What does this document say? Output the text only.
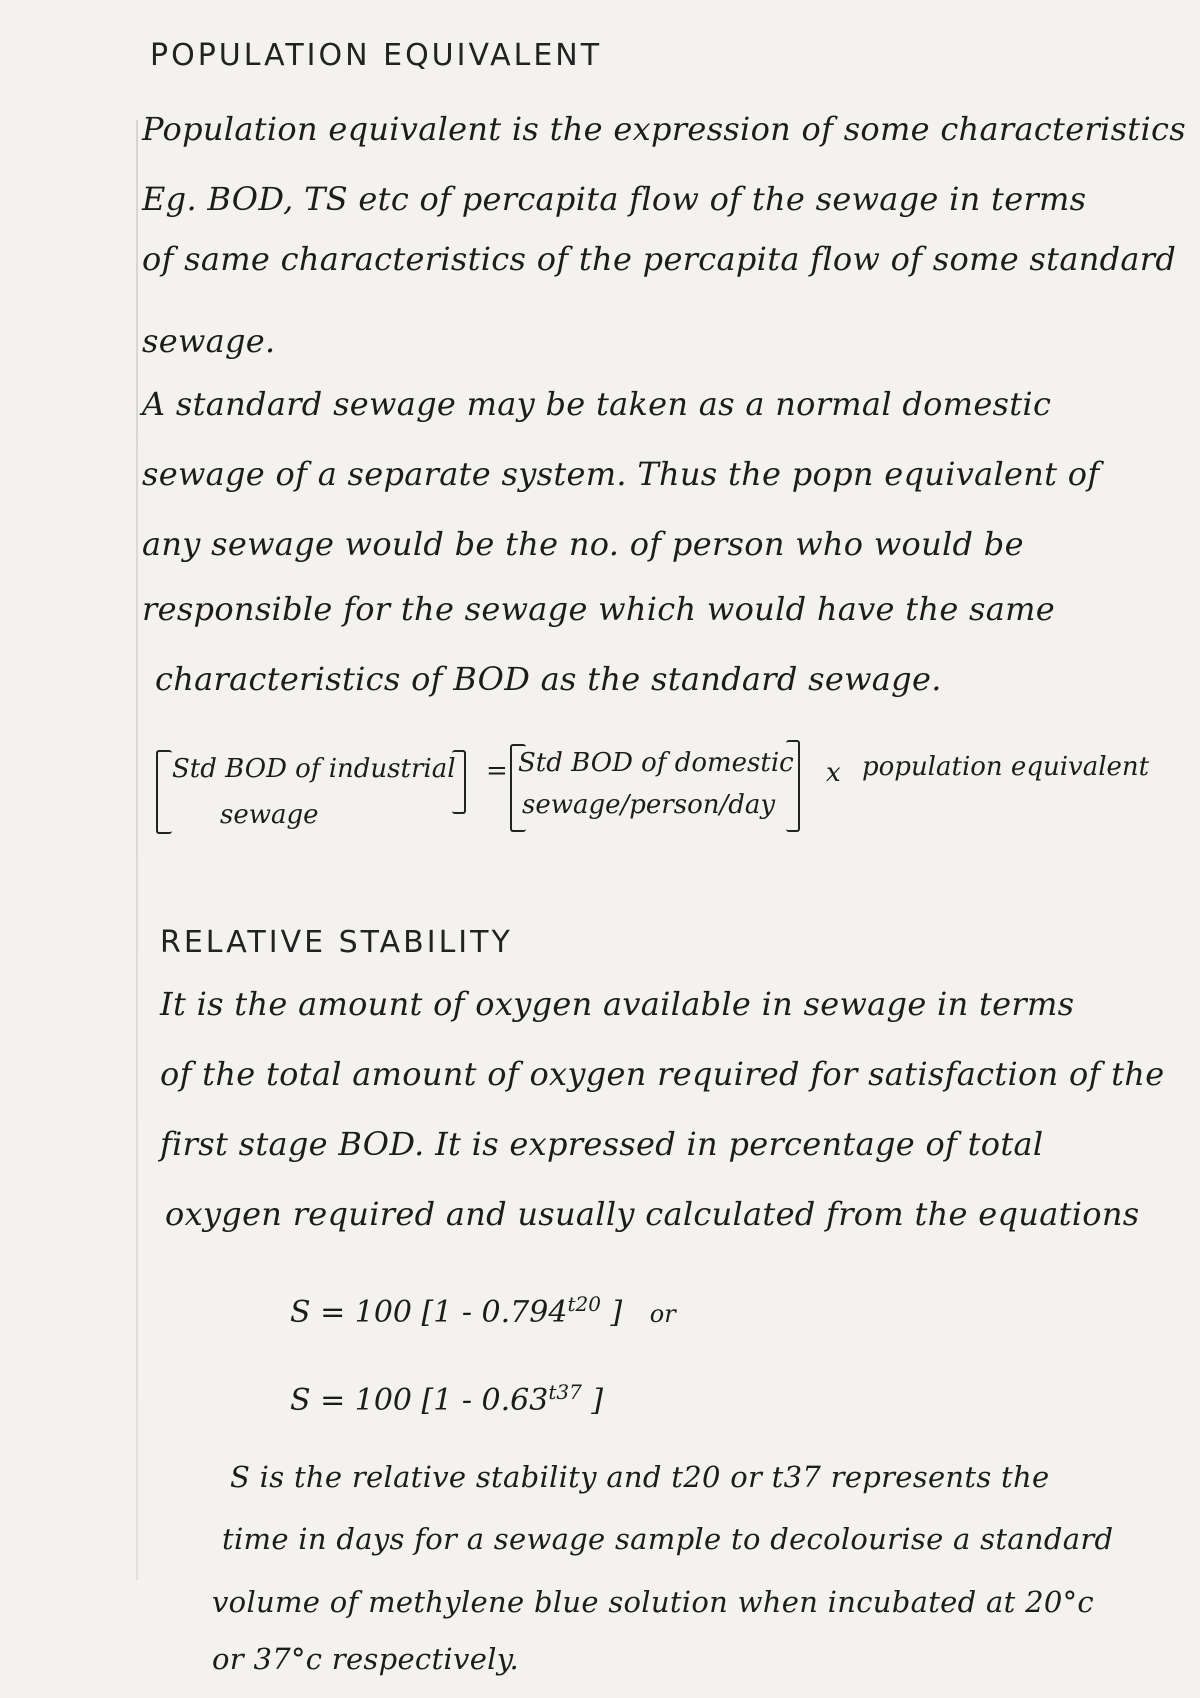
POPULATION EQUIVALENT
Population equivalent is the expression of some characteristics
Eg. BOD, TS etc of percapita flow of the sewage in terms
of same characteristics of the percapita flow of some standard
sewage.
A standard sewage may be taken as a normal domestic
sewage of a separate system. Thus the popn equivalent of
any sewage would be the no. of person who would be
responsible for the sewage which would have the same
characteristics of BOD as the standard sewage.
Std BOD of industrial
sewage
= Std BOD of domestic
sewage/person/day
x population equivalent
RELATIVE STABILITY
It is the amount of oxygen available in sewage in terms
of the total amount of oxygen required for satisfaction of the
first stage BOD. It is expressed in percentage of total
oxygen required and usually calculated from the equations
S = 100 [$1 - 0.794^{t20}$ ] or
S = 100 [$1 - 0.63^{t37}$ ]
S is the relative stability and t20 or t37 represents the
time in days for a sewage sample to decolourise a standard
volume of methylene blue solution when incubated at 20°c
or 37°c respectively.
